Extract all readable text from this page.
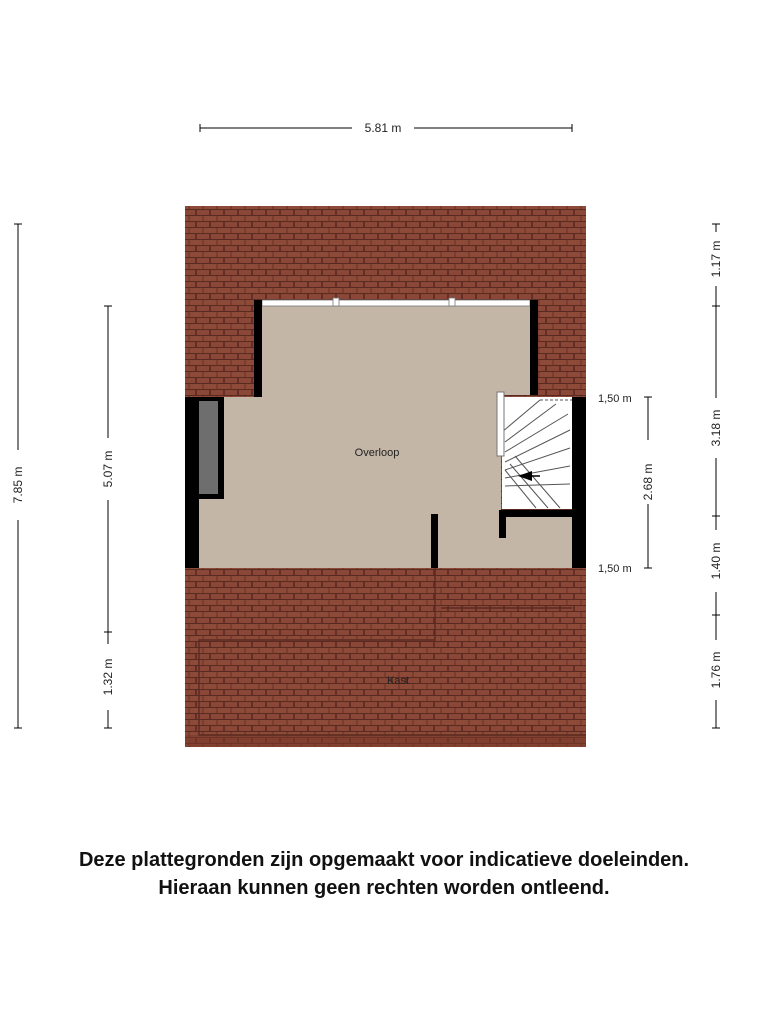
Overloop
Kast
5.81 m
7.85 m	5.07 m
1.32 m
1.17 m
3.18 m
1.40 m
1.76 m
1,50 m
2.68 m
1,50 m
Deze plattegronden zijn opgemaakt voor indicatieve doeleinden.
Hieraan kunnen geen rechten worden ontleend.
